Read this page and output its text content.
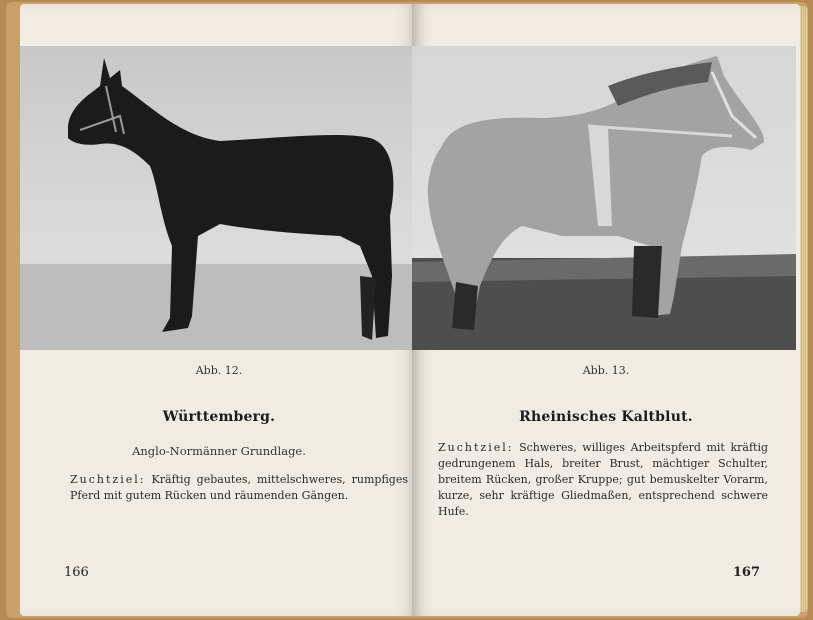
Abb. 12.
Württemberg.
Anglo-Normänner Grundlage.
Zuchtziel: Kräftig gebautes, mittelschweres, rumpfiges Pferd mit gutem Rücken und räumenden Gängen.
166
Abb. 13.
Rheinisches Kaltblut.
Zuchtziel: Schweres, williges Arbeitspferd mit kräftig gedrungenem Hals, breiter Brust, mächtiger Schulter, breitem Rücken, großer Kruppe; gut bemuskelter Vorarm, kurze, sehr kräftige Gliedmaßen, entsprechend schwere Hufe.
167
